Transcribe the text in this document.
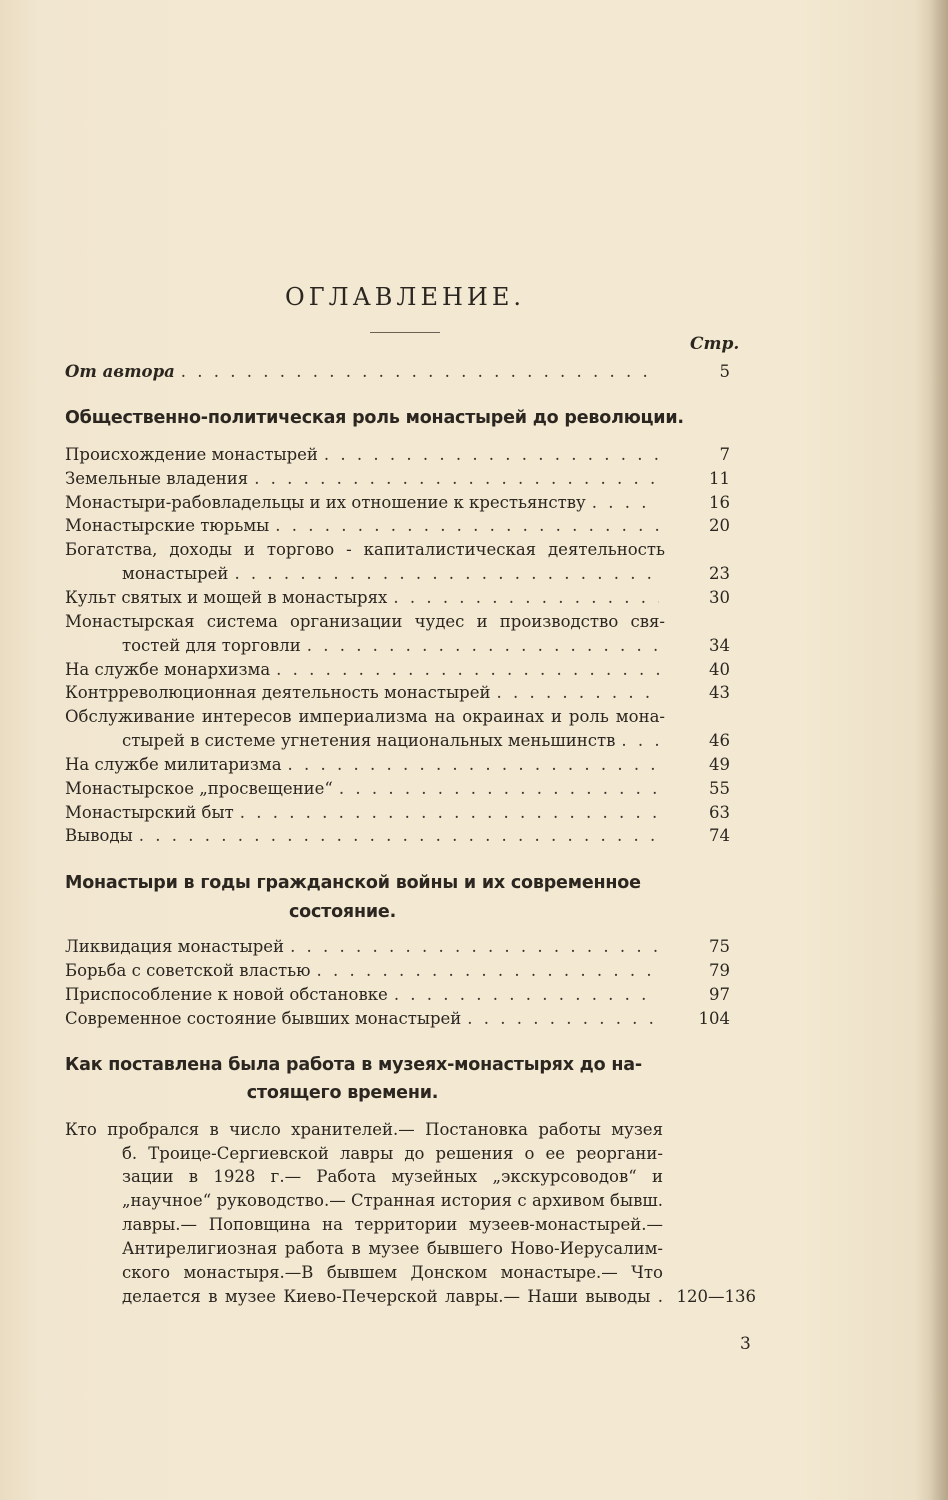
ОГЛАВЛЕНИЕ.
Стр.
От автора . . .	5
Общественно-политическая роль монастырей до революции.
Происхождение монастырей . . .	7
Земельные владения . . .	11
Монастыри-рабовладельцы и их отношение к крестьянству . . .	16
Монастырские тюрьмы . . .	20
Богатства, доходы и торгово - капиталистическая деятельность
монастырей . . .	23
Культ святых и мощей в монастырях . . .	30
Монастырская система организации чудес и производство свя-
тостей для торговли . . .	34
На службе монархизма . . .	40
Контрреволюционная деятельность монастырей . . .	43
Обслуживание интересов империализма на окраинах и роль мона-
стырей в системе угнетения национальных меньшинств . . .	46
На службе милитаризма . . .	49
Монастырское „просвещение“ . . .	55
Монастырский быт . . .	63
Выводы . . .	74
Монастыри в годы гражданской войны и их современное
состояние.
Ликвидация монастырей . . .	75
Борьба с советской властью . . .	79
Приспособление к новой обстановке . . .	97
Современное состояние бывших монастырей . . .	104
Как поставлена была работа в музеях-монастырях до на-
стоящего времени.
Кто пробрался в число хранителей.— Постановка работы музея
б. Троице-Сергиевской лавры до решения о ее реоргани-
зации в 1928 г.— Работа музейных „экскурсоводов“ и
„научное“ руководство.— Странная история с архивом бывш.
лавры.— Поповщина на территории музеев-монастырей.—
Антирелигиозная работа в музее бывшего Ново-Иерусалим-
ского монастыря.—В бывшем Донском монастыре.— Что
делается в музее Киево-Печерской лавры.— Наши выводы . 120—136
3
